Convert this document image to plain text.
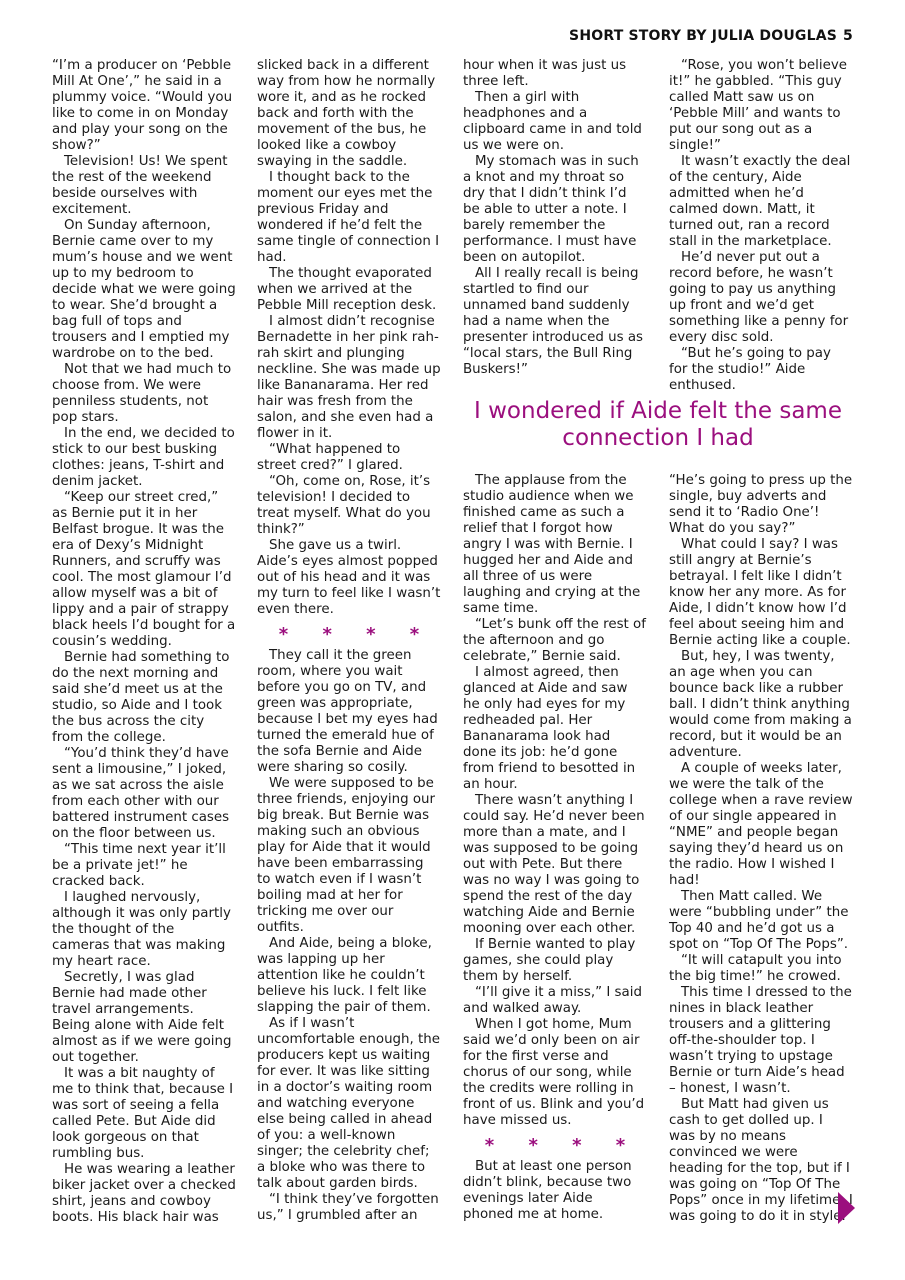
SHORT STORY BY JULIA DOUGLAS 5

“I’m a producer on ‘Pebble Mill At One’,” he said in a plummy voice. “Would you like to come in on Monday and play your song on the show?”

Television! Us! We spent the rest of the weekend beside ourselves with excitement.

On Sunday afternoon, Bernie came over to my mum’s house and we went up to my bedroom to decide what we were going to wear. She’d brought a bag full of tops and trousers and I emptied my wardrobe on to the bed.

Not that we had much to choose from. We were penniless students, not pop stars.

In the end, we decided to stick to our best busking clothes: jeans, T-shirt and denim jacket.

“Keep our street cred,” as Bernie put it in her Belfast brogue. It was the era of Dexy’s Midnight Runners, and scruffy was cool. The most glamour I’d allow myself was a bit of lippy and a pair of strappy black heels I’d bought for a cousin’s wedding.

Bernie had something to do the next morning and said she’d meet us at the studio, so Aide and I took the bus across the city from the college.

“You’d think they’d have sent a limousine,” I joked, as we sat across the aisle from each other with our battered instrument cases on the floor between us.

“This time next year it’ll be a private jet!” he cracked back.

I laughed nervously, although it was only partly the thought of the cameras that was making my heart race.

Secretly, I was glad Bernie had made other travel arrangements. Being alone with Aide felt almost as if we were going out together.

It was a bit naughty of me to think that, because I was sort of seeing a fella called Pete. But Aide did look gorgeous on that rumbling bus.

He was wearing a leather biker jacket over a checked shirt, jeans and cowboy boots. His black hair was

slicked back in a different way from how he normally wore it, and as he rocked back and forth with the movement of the bus, he looked like a cowboy swaying in the saddle.

I thought back to the moment our eyes met the previous Friday and wondered if he’d felt the same tingle of connection I had.

The thought evaporated when we arrived at the Pebble Mill reception desk.

I almost didn’t recognise Bernadette in her pink rah-rah skirt and plunging neckline. She was made up like Bananarama. Her red hair was fresh from the salon, and she even had a flower in it.

“What happened to street cred?” I glared.

“Oh, come on, Rose, it’s television! I decided to treat myself. What do you think?”

She gave us a twirl. Aide’s eyes almost popped out of his head and it was my turn to feel like I wasn’t even there.

* * * *

They call it the green room, where you wait before you go on TV, and green was appropriate, because I bet my eyes had turned the emerald hue of the sofa Bernie and Aide were sharing so cosily.

We were supposed to be three friends, enjoying our big break. But Bernie was making such an obvious play for Aide that it would have been embarrassing to watch even if I wasn’t boiling mad at her for tricking me over our outfits.

And Aide, being a bloke, was lapping up her attention like he couldn’t believe his luck. I felt like slapping the pair of them.

As if I wasn’t uncomfortable enough, the producers kept us waiting for ever. It was like sitting in a doctor’s waiting room and watching everyone else being called in ahead of you: a well-known singer; the celebrity chef; a bloke who was there to talk about garden birds.

“I think they’ve forgotten us,” I grumbled after an

hour when it was just us three left.

Then a girl with headphones and a clipboard came in and told us we were on.

My stomach was in such a knot and my throat so dry that I didn’t think I’d be able to utter a note. I barely remember the performance. I must have been on autopilot.

All I really recall is being startled to find our unnamed band suddenly had a name when the presenter introduced us as “local stars, the Bull Ring Buskers!”

“Rose, you won’t believe it!” he gabbled. “This guy called Matt saw us on ‘Pebble Mill’ and wants to put our song out as a single!”

It wasn’t exactly the deal of the century, Aide admitted when he’d calmed down. Matt, it turned out, ran a record stall in the marketplace.

He’d never put out a record before, he wasn’t going to pay us anything up front and we’d get something like a penny for every disc sold.

“But he’s going to pay for the studio!” Aide enthused.

I wondered if Aide felt the same connection I had

The applause from the studio audience when we finished came as such a relief that I forgot how angry I was with Bernie. I hugged her and Aide and all three of us were laughing and crying at the same time.

“Let’s bunk off the rest of the afternoon and go celebrate,” Bernie said.

I almost agreed, then glanced at Aide and saw he only had eyes for my redheaded pal. Her Bananarama look had done its job: he’d gone from friend to besotted in an hour.

There wasn’t anything I could say. He’d never been more than a mate, and I was supposed to be going out with Pete. But there was no way I was going to spend the rest of the day watching Aide and Bernie mooning over each other.

If Bernie wanted to play games, she could play them by herself.

“I’ll give it a miss,” I said and walked away.

When I got home, Mum said we’d only been on air for the first verse and chorus of our song, while the credits were rolling in front of us. Blink and you’d have missed us.

* * * *

But at least one person didn’t blink, because two evenings later Aide phoned me at home.

“He’s going to press up the single, buy adverts and send it to ‘Radio One’! What do you say?”

What could I say? I was still angry at Bernie’s betrayal. I felt like I didn’t know her any more. As for Aide, I didn’t know how I’d feel about seeing him and Bernie acting like a couple.

But, hey, I was twenty, an age when you can bounce back like a rubber ball. I didn’t think anything would come from making a record, but it would be an adventure.

A couple of weeks later, we were the talk of the college when a rave review of our single appeared in “NME” and people began saying they’d heard us on the radio. How I wished I had!

Then Matt called. We were “bubbling under” the Top 40 and he’d got us a spot on “Top Of The Pops”.

“It will catapult you into the big time!” he crowed.

This time I dressed to the nines in black leather trousers and a glittering off-the-shoulder top. I wasn’t trying to upstage Bernie or turn Aide’s head – honest, I wasn’t.

But Matt had given us cash to get dolled up. I was by no means convinced we were heading for the top, but if I was going on “Top Of The Pops” once in my lifetime, I was going to do it in style.
